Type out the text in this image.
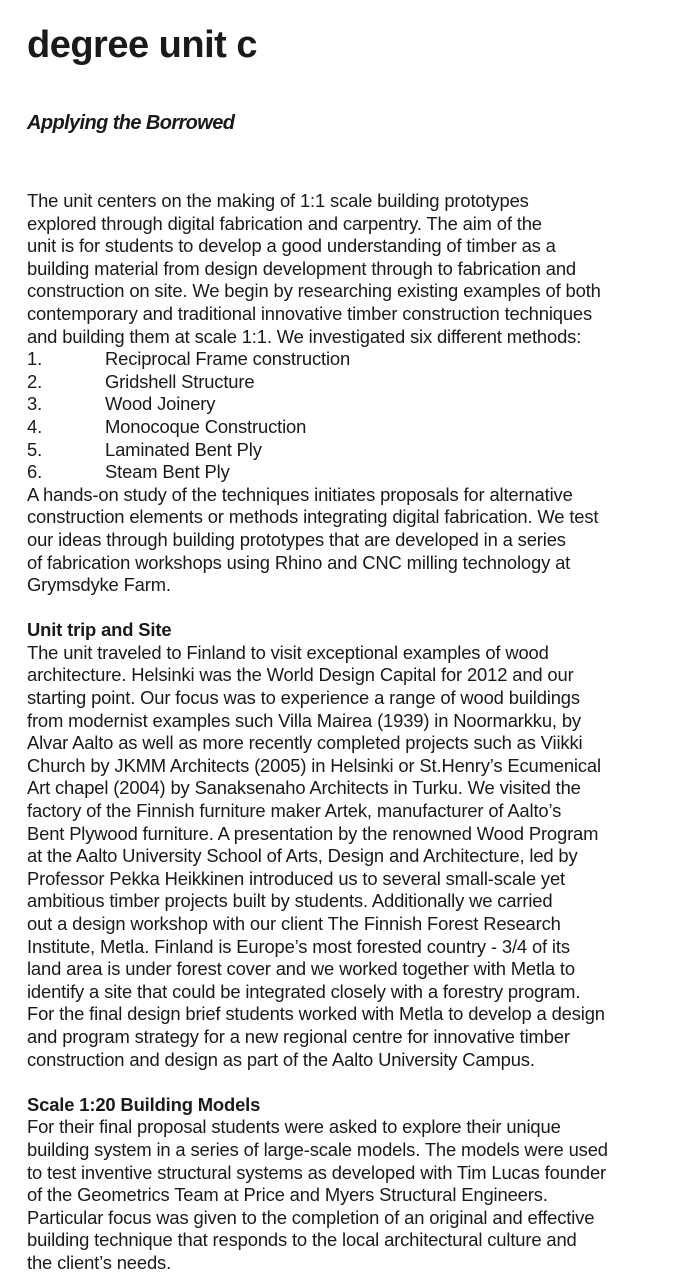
degree unit c
Applying the Borrowed
The unit centers on the making of 1:1 scale building prototypes
explored through digital fabrication and carpentry. The aim of the
unit is for students to develop a good understanding of timber as a
building material from design development through to fabrication and
construction on site. We begin by researching existing examples of both
contemporary and traditional innovative timber construction techniques
and building them at scale 1:1. We investigated six different methods:
1.	Reciprocal Frame construction
2.	Gridshell Structure
3.	Wood Joinery
4.	Monocoque Construction
5.	Laminated Bent Ply
6.	Steam Bent Ply
A hands-on study of the techniques initiates proposals for alternative
construction elements or methods integrating digital fabrication. We test
our ideas through building prototypes that are developed in a series
of fabrication workshops using Rhino and CNC milling technology at
Grymsdyke Farm.
Unit trip and Site
The unit traveled to Finland to visit exceptional examples of wood
architecture. Helsinki was the World Design Capital for 2012 and our
starting point. Our focus was to experience a range of wood buildings
from modernist examples such Villa Mairea (1939) in Noormarkku, by
Alvar Aalto as well as more recently completed projects such as Viikki
Church by JKMM Architects (2005) in Helsinki or St.Henry’s Ecumenical
Art chapel (2004) by Sanaksenaho Architects in Turku. We visited the
factory of the Finnish furniture maker Artek, manufacturer of Aalto’s
Bent Plywood furniture. A presentation by the renowned Wood Program
at the Aalto University School of Arts, Design and Architecture, led by
Professor Pekka Heikkinen introduced us to several small-scale yet
ambitious timber projects built by students. Additionally we carried
out a design workshop with our client The Finnish Forest Research
Institute, Metla. Finland is Europe’s most forested country - 3/4 of its
land area is under forest cover and we worked together with Metla to
identify a site that could be integrated closely with a forestry program.
For the final design brief students worked with Metla to develop a design
and program strategy for a new regional centre for innovative timber
construction and design as part of the Aalto University Campus.
Scale 1:20 Building Models
For their final proposal students were asked to explore their unique
building system in a series of large-scale models. The models were used
to test inventive structural systems as developed with Tim Lucas founder
of the Geometrics Team at Price and Myers Structural Engineers.
Particular focus was given to the completion of an original and effective
building technique that responds to the local architectural culture and
the client’s needs.
